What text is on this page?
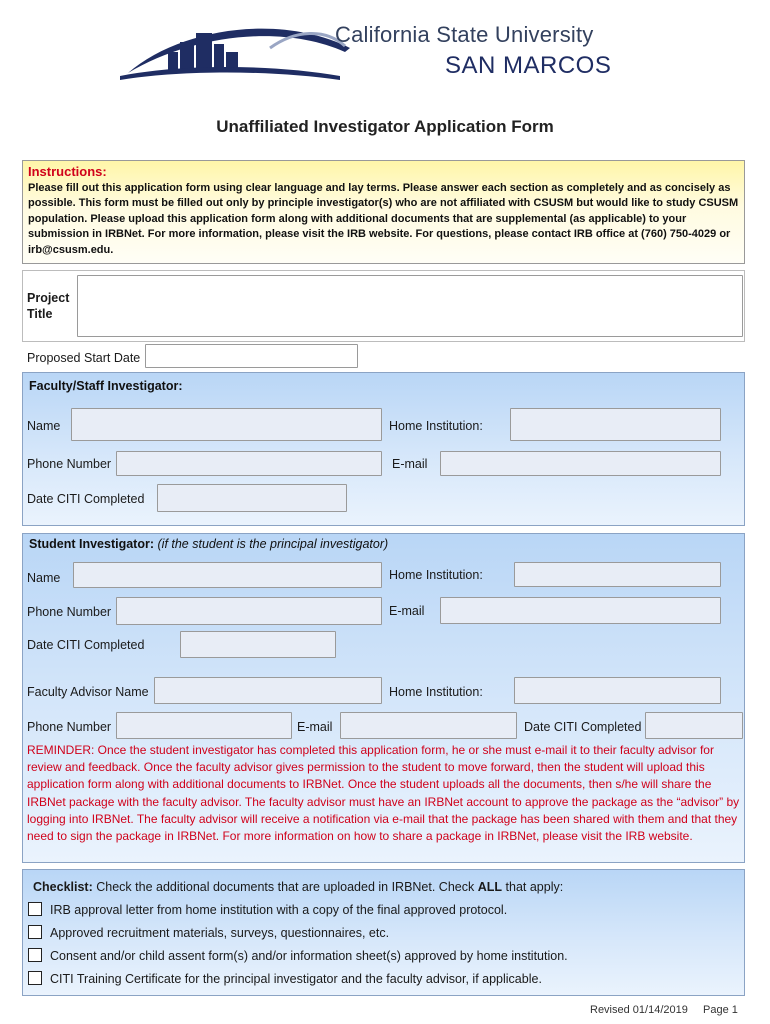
California State University
SAN MARCOS
Unaffiliated Investigator Application Form
Instructions:
Please fill out this application form using clear language and lay terms. Please answer each section as completely and as concisely as possible. This form must be filled out only by principle investigator(s) who are not affiliated with CSUSM but would like to study CSUSM population. Please upload this application form along with additional documents that are supplemental (as applicable) to your submission in IRBNet. For more information, please visit the IRB website. For questions, please contact IRB office at (760) 750-4029 or irb@csusm.edu.
Project
Title
Proposed Start Date
Faculty/Staff Investigator:
Name	Home Institution:
Phone Number	E-mail
Date CITI Completed
Student Investigator: (if the student is the principal investigator)
Name	Home Institution:
Phone Number	E-mail
Date CITI Completed
Faculty Advisor Name	Home Institution:
Phone Number	E-mail	Date CITI Completed
REMINDER: Once the student investigator has completed this application form, he or she must e-mail it to their faculty advisor for review and feedback. Once the faculty advisor gives permission to the student to move forward, then the student will upload this application form along with additional documents to IRBNet. Once the student uploads all the documents, then s/he will share the IRBNet package with the faculty advisor. The faculty advisor must have an IRBNet account to approve the package as the “advisor” by logging into IRBNet. The faculty advisor will receive a notification via e-mail that the package has been shared with them and that they need to sign the package in IRBNet. For more information on how to share a package in IRBNet, please visit the IRB website.
Checklist: Check the additional documents that are uploaded in IRBNet. Check ALL that apply:
IRB approval letter from home institution with a copy of the final approved protocol.
Approved recruitment materials, surveys, questionnaires, etc.
Consent and/or child assent form(s) and/or information sheet(s) approved by home institution.
CITI Training Certificate for the principal investigator and the faculty advisor, if applicable.
Revised 01/14/2019 Page 1
